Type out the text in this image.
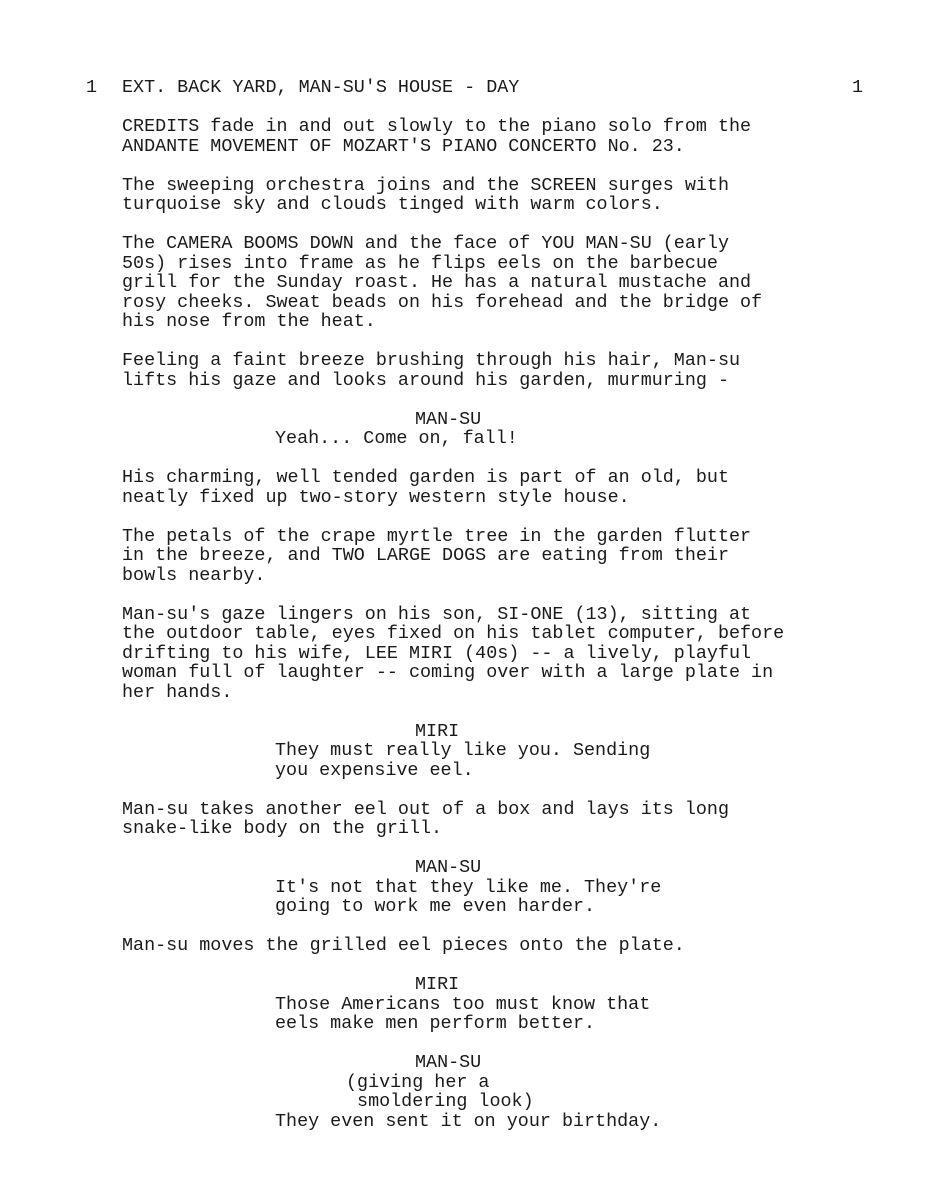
1

EXT. BACK YARD, MAN-SU'S HOUSE - DAY

	1

CREDITS fade in and out slowly to the piano solo from the
ANDANTE MOVEMENT OF MOZART'S PIANO CONCERTO No. 23.
The sweeping orchestra joins and the SCREEN surges with
turquoise sky and clouds tinged with warm colors.
The CAMERA BOOMS DOWN and the face of YOU MAN-SU (early
50s) rises into frame as he flips eels on the barbecue
grill for the Sunday roast. He has a natural mustache and
rosy cheeks. Sweat beads on his forehead and the bridge of
his nose from the heat.
Feeling a faint breeze brushing through his hair, Man-su
lifts his gaze and looks around his garden, murmuring -
MAN-SU
Yeah... Come on, fall!
His charming, well tended garden is part of an old, but
neatly fixed up two-story western style house.
The petals of the crape myrtle tree in the garden flutter
in the breeze, and TWO LARGE DOGS are eating from their
bowls nearby.
Man-su's gaze lingers on his son, SI-ONE (13), sitting at
the outdoor table, eyes fixed on his tablet computer, before
drifting to his wife, LEE MIRI (40s) -- a lively, playful
woman full of laughter -- coming over with a large plate in
her hands.
MIRI
They must really like you. Sending
you expensive eel.
Man-su takes another eel out of a box and lays its long
snake-like body on the grill.
MAN-SU
It's not that they like me. They're
going to work me even harder.
Man-su moves the grilled eel pieces onto the plate.
MIRI
Those Americans too must know that
eels make men perform better.
MAN-SU
(giving her a
smoldering look)
They even sent it on your birthday.
